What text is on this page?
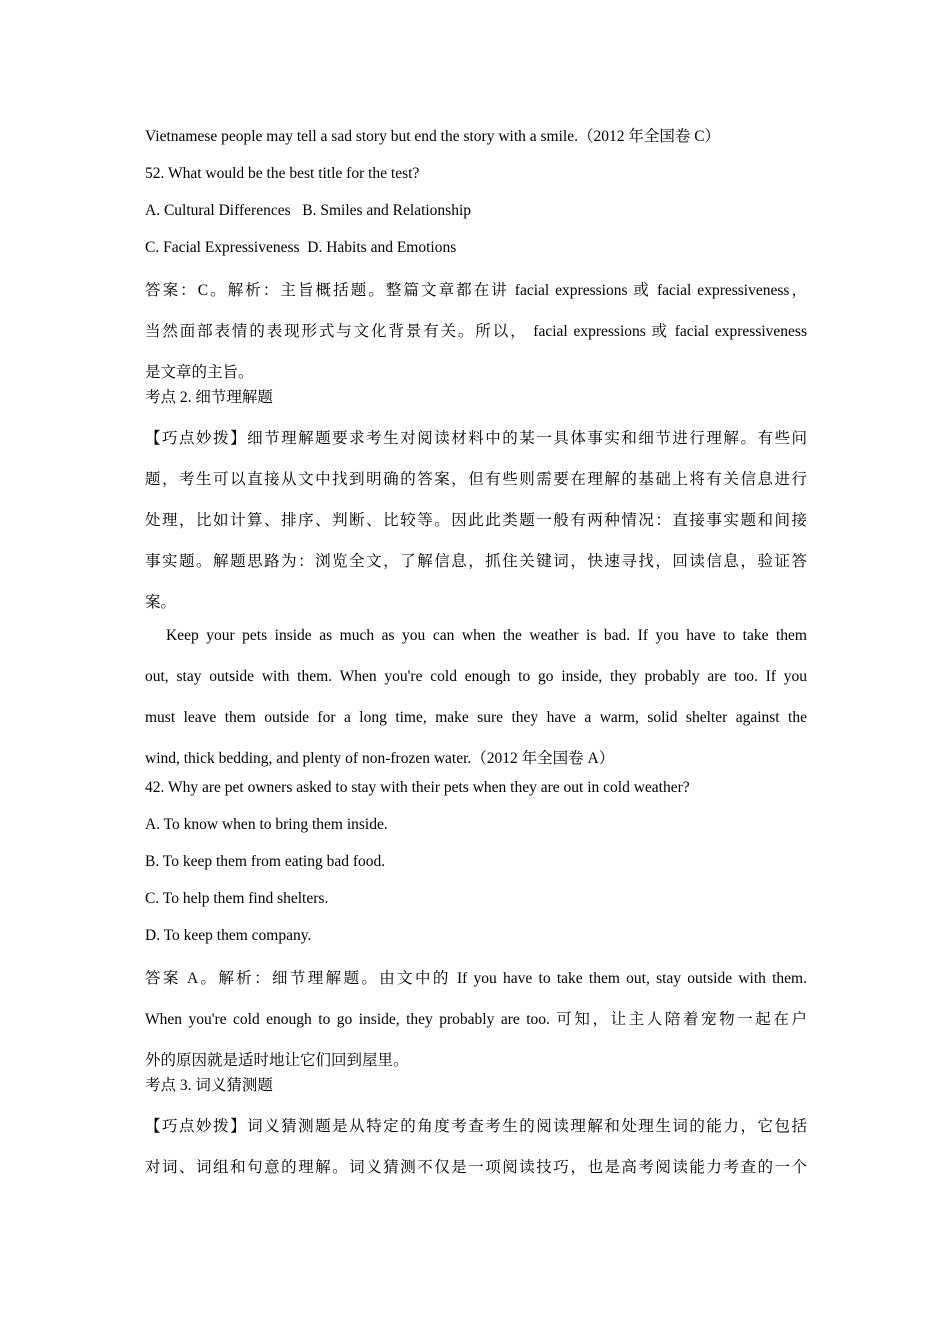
Vietnamese people may tell a sad story but end the story with a smile.（2012 年全国卷 C）

52. What would be the best title for the test?

A. Cultural Differences   B. Smiles and Relationship

C. Facial Expressiveness  D. Habits and Emotions

答案：C。解析：主旨概括题。整篇文章都在讲 facial expressions 或 facial expressiveness，

当然面部表情的表现形式与文化背景有关。所以， facial expressions 或 facial expressiveness

是文章的主旨。

考点 2. 细节理解题

【巧点妙拨】细节理解题要求考生对阅读材料中的某一具体事实和细节进行理解。有些问

题，考生可以直接从文中找到明确的答案，但有些则需要在理解的基础上将有关信息进行

处理，比如计算、排序、判断、比较等。因此此类题一般有两种情况：直接事实题和间接

事实题。解题思路为：浏览全文，了解信息，抓住关键词，快速寻找，回读信息，验证答

案。

Keep your pets inside as much as you can when the weather is bad. If you have to take them

out, stay outside with them. When you're cold enough to go inside, they probably are too. If you

must leave them outside for a long time, make sure they have a warm, solid shelter against the

wind, thick bedding, and plenty of non-frozen water.（2012 年全国卷 A）

42. Why are pet owners asked to stay with their pets when they are out in cold weather?

A. To know when to bring them inside.

B. To keep them from eating bad food.

C. To help them find shelters.

D. To keep them company.

答案 A。解析：细节理解题。由文中的 If you have to take them out, stay outside with them.

When you're cold enough to go inside, they probably are too. 可知，让主人陪着宠物一起在户

外的原因就是适时地让它们回到屋里。

考点 3. 词义猜测题

【巧点妙拨】词义猜测题是从特定的角度考查考生的阅读理解和处理生词的能力，它包括

对词、词组和句意的理解。词义猜测不仅是一项阅读技巧，也是高考阅读能力考查的一个
